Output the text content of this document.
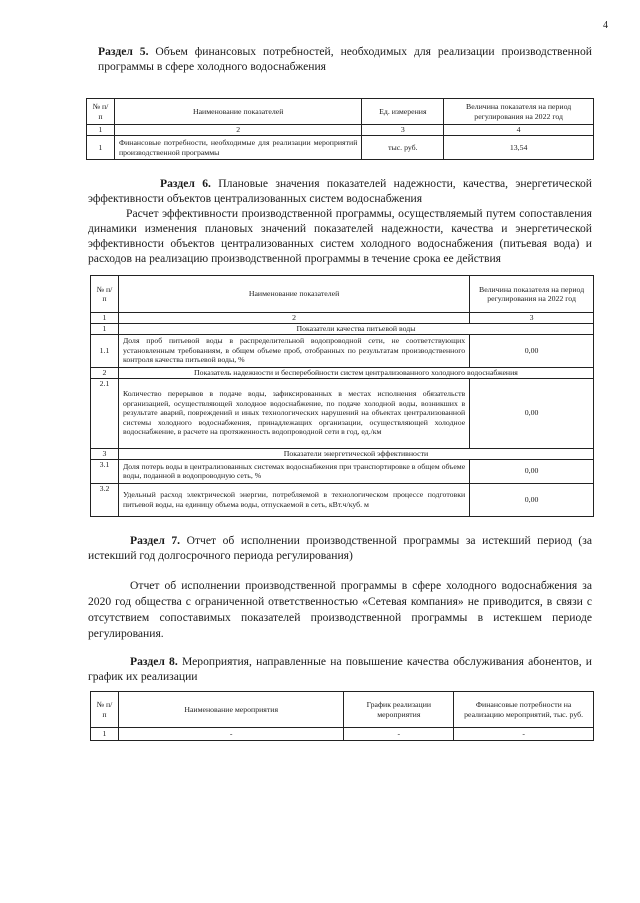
4
Раздел 5. Объем финансовых потребностей, необходимых для реализации производственной программы в сфере холодного водоснабжения
№ п/п	Наименование показателей	Ед. измерения	Величина показателя на период регулирования на 2022 год
1	2	3	4
1	Финансовые потребности, необходимые для реализации мероприятий производственной программы	тыс. руб.	13,54
Раздел 6. Плановые значения показателей надежности, качества, энергетической эффективности объектов централизованных систем водоснабжения
Расчет эффективности производственной программы, осуществляемый путем сопоставления динамики изменения плановых значений показателей надежности, качества и энергетической эффективности объектов централизованных систем холодного водоснабжения (питьевая вода) и расходов на реализацию производственной программы в течение срока ее действия
№ п/п	Наименование показателей	Величина показателя на период регулирования на 2022 год
1	2	3
1	Показатели качества питьевой воды	
1.1	Доля проб питьевой воды в распределительной водопроводной сети, не соответствующих установленным требованиям, в общем объеме проб, отобранных по результатам производственного контроля качества питьевой воды, %	0,00
2	Показатель надежности и бесперебойности систем централизованного холодного водоснабжения	
2.1	Количество перерывов в подаче воды, зафиксированных в местах исполнения обязательств организацией, осуществляющей холодное водоснабжение, по подаче холодной воды, возникших в результате аварий, повреждений и иных технологических нарушений на объектах централизованной системы холодного водоснабжения, принадлежащих организации, осуществляющей холодное водоснабжение, в расчете на протяженность водопроводной сети в год, ед./км	0,00
3	Показатели энергетической эффективности	
3.1	Доля потерь воды в централизованных системах водоснабжения при транспортировке в общем объеме воды, поданной в водопроводную сеть, %	0,00
3.2	Удельный расход электрической энергии, потребляемой в технологическом процессе подготовки питьевой воды, на единицу объема воды, отпускаемой в сеть, кВт.ч/куб. м	0,00
Раздел 7. Отчет об исполнении производственной программы за истекший период (за истекший год долгосрочного периода регулирования)
Отчет об исполнении производственной программы в сфере холодного водоснабжения за 2020 год общества с ограниченной ответственностью «Сетевая компания» не приводится, в связи с отсутствием сопоставимых показателей производственной программы в истекшем периоде регулирования.
Раздел 8. Мероприятия, направленные на повышение качества обслуживания абонентов, и график их реализации
№ п/п	Наименование мероприятия	График реализации мероприятия	Финансовые потребности на реализацию мероприятий, тыс. руб.
1	-	-	-
